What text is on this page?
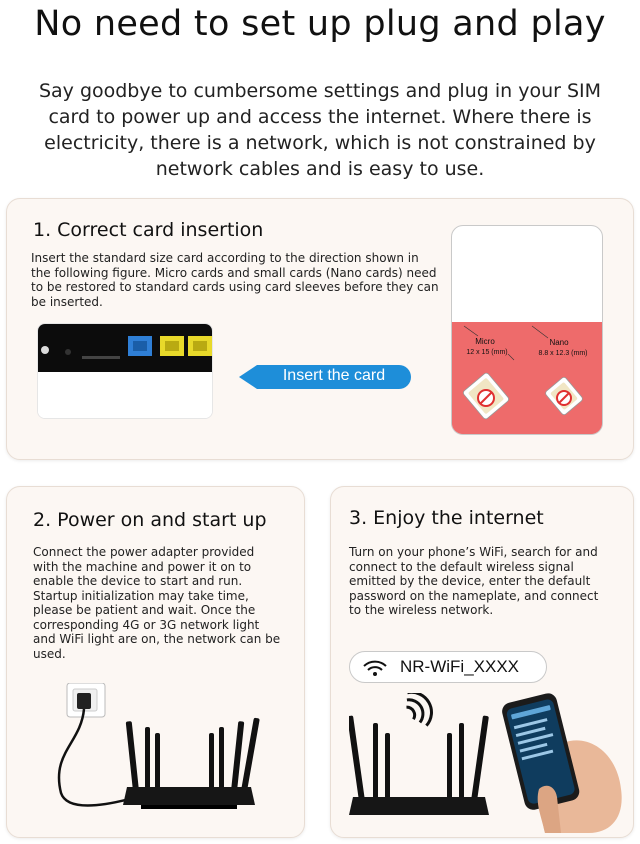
No need to set up plug and play
Say goodbye to cumbersome settings and plug in your SIM card to power up and access the internet. Where there is electricity, there is a network, which is not constrained by network cables and is easy to use.
1. Correct card insertion
Insert the standard size card according to the direction shown in the following figure. Micro cards and small cards (Nano cards) need to be restored to standard cards using card sleeves before they can be inserted.
Insert the card
Micro
12 x 15 (mm)
Nano
8.8 x 12.3 (mm)
2. Power on and start up
Connect the power adapter provided with the machine and power it on to enable the device to start and run. Startup initialization may take time, please be patient and wait. Once the corresponding 4G or 3G network light and WiFi light are on, the network can be used.
3. Enjoy the internet
Turn on your phone’s WiFi, search for and connect to the default wireless signal emitted by the device, enter the default password on the nameplate, and connect to the wireless network.
NR-WiFi_XXXX
